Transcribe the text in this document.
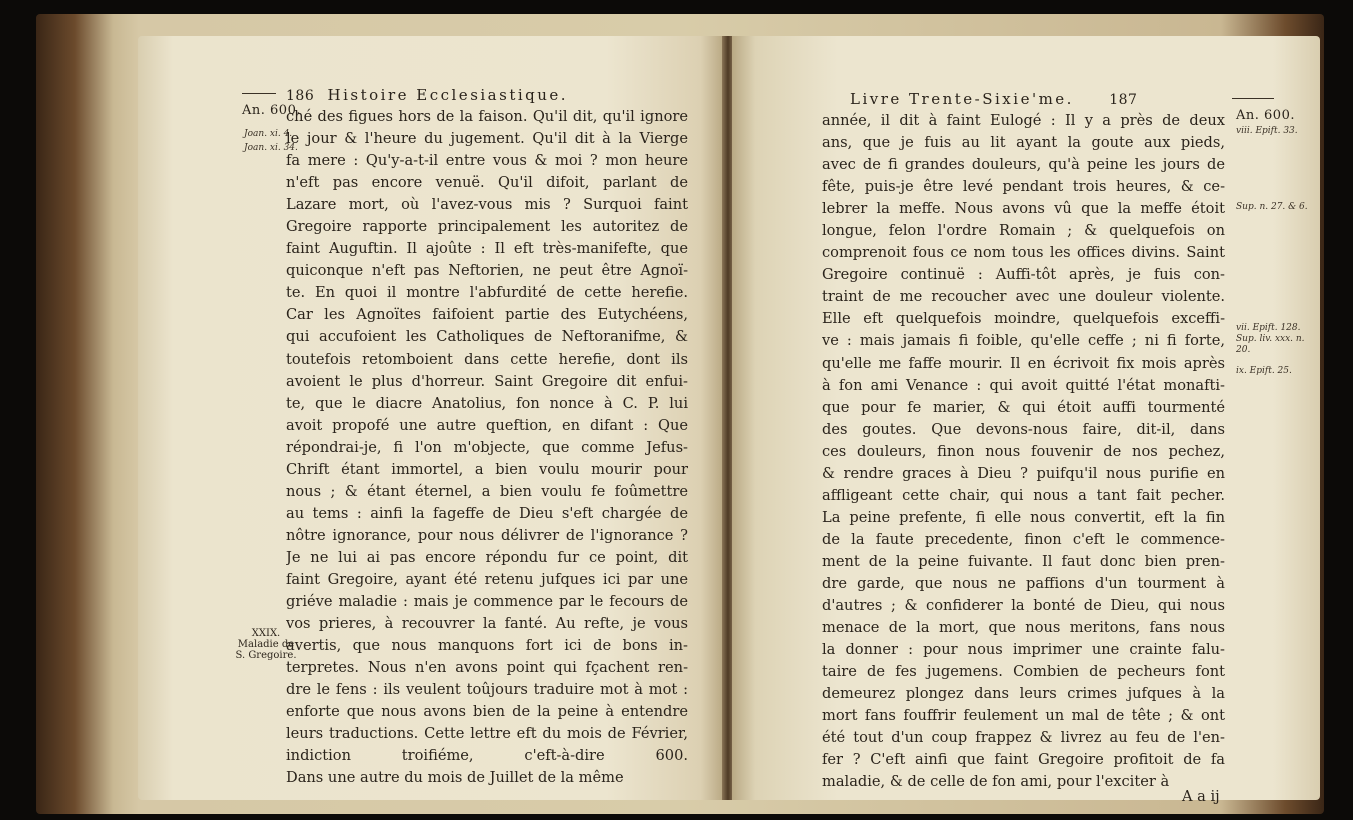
186 Histoire Ecclesiastique.
An. 600.
Joan. xi. 4.
Joan. xi. 34.
ché des figues hors de la faison. Qu'il dit, qu'il ignore
le jour & l'heure du jugement. Qu'il dit à la Vierge
fa mere : Qu'y-a-t-il entre vous & moi ? mon heure
n'eft pas encore venuë. Qu'il difoit, parlant de
Lazare mort, où l'avez-vous mis ? Surquoi faint
Gregoire rapporte principalement les autoritez de
faint Auguftin. Il ajoûte : Il eft très-manifefte, que
quiconque n'eft pas Neftorien, ne peut être Agnoï-
te. En quoi il montre l'abfurdité de cette herefie.
Car les Agnoïtes faifoient partie des Eutychéens,
qui accufoient les Catholiques de Neftoranifme, &
toutefois retomboient dans cette herefie, dont ils
avoient le plus d'horreur. Saint Gregoire dit enfui-
te, que le diacre Anatolius, fon nonce à C. P. lui
avoit propofé une autre queftion, en difant : Que
répondrai-je, fi l'on m'objecte, que comme Jefus-
Chrift étant immortel, a bien voulu mourir pour
nous ; & étant éternel, a bien voulu fe foûmettre
au tems : ainfi la fageffe de Dieu s'eft chargée de
nôtre ignorance, pour nous délivrer de l'ignorance ?
Je ne lui ai pas encore répondu fur ce point, dit
faint Gregoire, ayant été retenu jufques ici par une
griéve maladie : mais je commence par le fecours de
vos prieres, à recouvrer la fanté. Au refte, je vous
avertis, que nous manquons fort ici de bons in-
terpretes. Nous n'en avons point qui fçachent ren-
dre le fens : ils veulent toûjours traduire mot à mot :
enforte que nous avons bien de la peine à entendre
leurs traductions. Cette lettre eft du mois de Février,
indiction troifiéme, c'eft-à-dire 600.
Dans une autre du mois de Juillet de la même
XXIX.
Maladie de
S. Gregoire.
Livre Trente-Sixie'me.	187
An. 600.
viii. Epift. 33.
Sup. n. 27. & 6.
vii. Epift. 128.
Sup. liv. xxx. n.
20.
ix. Epift. 25.
année, il dit à faint Eulogé : Il y a près de deux
ans, que je fuis au lit ayant la goute aux pieds,
avec de fi grandes douleurs, qu'à peine les jours de
fête, puis-je être levé pendant trois heures, & ce-
lebrer la meffe. Nous avons vû que la meffe étoit
longue, felon l'ordre Romain ; & quelquefois on
comprenoit fous ce nom tous les offices divins. Saint
Gregoire continuë : Auffi-tôt après, je fuis con-
traint de me recoucher avec une douleur violente.
Elle eft quelquefois moindre, quelquefois exceffi-
ve : mais jamais fi foible, qu'elle ceffe ; ni fi forte,
qu'elle me faffe mourir. Il en écrivoit fix mois après
à fon ami Venance : qui avoit quitté l'état monafti-
que pour fe marier, & qui étoit auffi tourmenté
des goutes. Que devons-nous faire, dit-il, dans
ces douleurs, finon nous fouvenir de nos pechez,
& rendre graces à Dieu ? puifqu'il nous purifie en
affligeant cette chair, qui nous a tant fait pecher.
La peine prefente, fi elle nous convertit, eft la fin
de la faute precedente, finon c'eft le commence-
ment de la peine fuivante. Il faut donc bien pren-
dre garde, que nous ne paffions d'un tourment à
d'autres ; & confiderer la bonté de Dieu, qui nous
menace de la mort, que nous meritons, fans nous
la donner : pour nous imprimer une crainte falu-
taire de fes jugemens. Combien de pecheurs font
demeurez plongez dans leurs crimes jufques à la
mort fans fouffrir feulement un mal de tête ; & ont
été tout d'un coup frappez & livrez au feu de l'en-
fer ? C'eft ainfi que faint Gregoire profitoit de fa
maladie, & de celle de fon ami, pour l'exciter à
A a ij
